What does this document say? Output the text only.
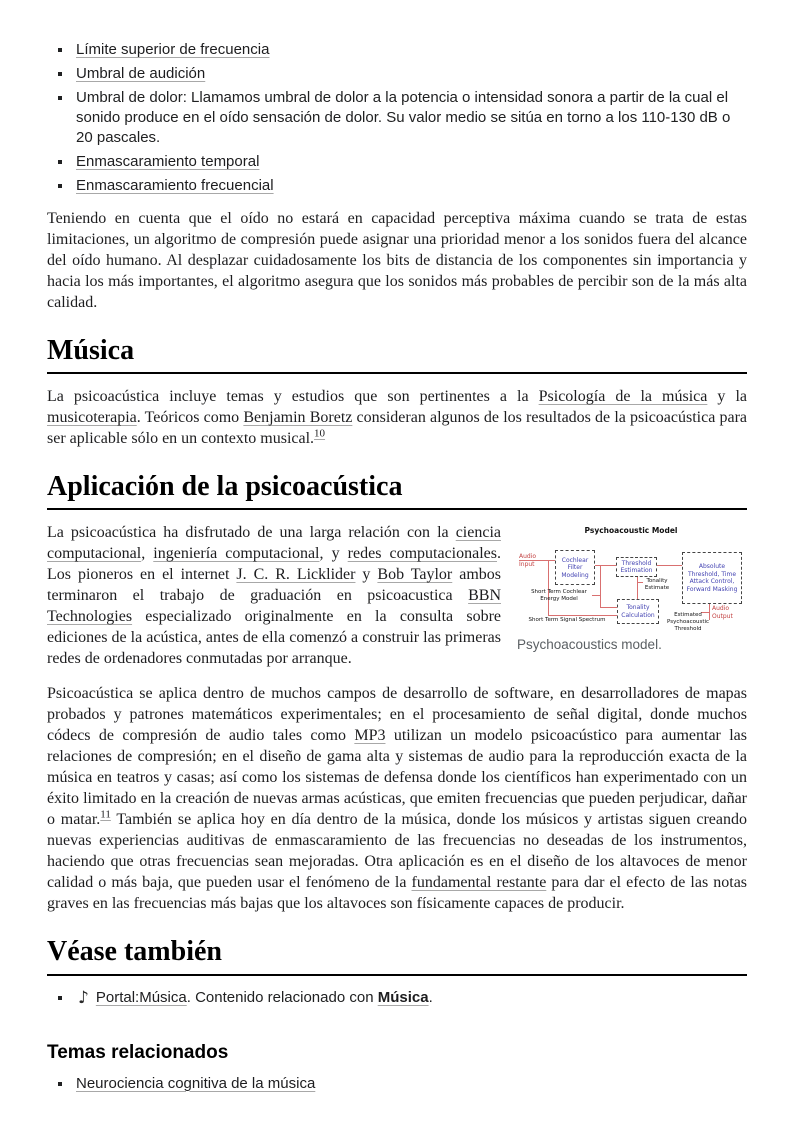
▪ Límite superior de frecuencia
▪ Umbral de audición
▪ Umbral de dolor: Llamamos umbral de dolor a la potencia o intensidad sonora a partir de la cual el sonido produce en el oído sensación de dolor. Su valor medio se sitúa en torno a los 110-130 dB o 20 pascales.
▪ Enmascaramiento temporal
▪ Enmascaramiento frecuencial

Teniendo en cuenta que el oído no estará en capacidad perceptiva máxima cuando se trata de estas limitaciones, un algoritmo de compresión puede asignar una prioridad menor a los sonidos fuera del alcance del oído humano. Al desplazar cuidadosamente los bits de distancia de los componentes sin importancia y hacia los más importantes, el algoritmo asegura que los sonidos más probables de percibir son de la más alta calidad.

Música

La psicoacústica incluye temas y estudios que son pertinentes a la Psicología de la música y la musicoterapia. Teóricos como Benjamin Boretz consideran algunos de los resultados de la psicoacústica para ser aplicable sólo en un contexto musical.$^{10}$

Aplicación de la psicoacústica
Psychoacoustic Model
Cochlear Filter Modeling
Threshold Estimation
Absolute Threshold, Time Attack Control, Forward Masking
Tonality Calculation
Audio Input
Short Term Cochlear Energy Model
Short Term Signal Spectrum
Tonality Estimate
Estimated Psychoacoustic Threshold
Audio Output
Psychoacoustics model.

La psicoacústica ha disfrutado de una larga relación con la ciencia computacional, ingeniería computacional, y redes computacionales. Los pioneros en el internet J. C. R. Licklider y Bob Taylor ambos terminaron el trabajo de graduación en psicoacustica BBN Technologies especializado originalmente en la consulta sobre ediciones de la acústica, antes de ella comenzó a construir las primeras redes de ordenadores conmutadas por arranque.

Psicoacústica se aplica dentro de muchos campos de desarrollo de software, en desarrolladores de mapas probados y patrones matemáticos experimentales; en el procesamiento de señal digital, donde muchos códecs de compresión de audio tales como MP3 utilizan un modelo psicoacústico para aumentar las relaciones de compresión; en el diseño de gama alta y sistemas de audio para la reproducción exacta de la música en teatros y casas; así como los sistemas de defensa donde los científicos han experimentado con un éxito limitado en la creación de nuevas armas acústicas, que emiten frecuencias que pueden perjudicar, dañar o matar.$^{11}$ También se aplica hoy en día dentro de la música, donde los músicos y artistas siguen creando nuevas experiencias auditivas de enmascaramiento de las frecuencias no deseadas de los instrumentos, haciendo que otras frecuencias sean mejoradas. Otra aplicación es en el diseño de los altavoces de menor calidad o más baja, que pueden usar el fenómeno de la fundamental restante para dar el efecto de las notas graves en las frecuencias más bajas que los altavoces son físicamente capaces de producir.

Véase también
▪ ♪ Portal:Música. Contenido relacionado con Música.
Temas relacionados
▪ Neurociencia cognitiva de la música
